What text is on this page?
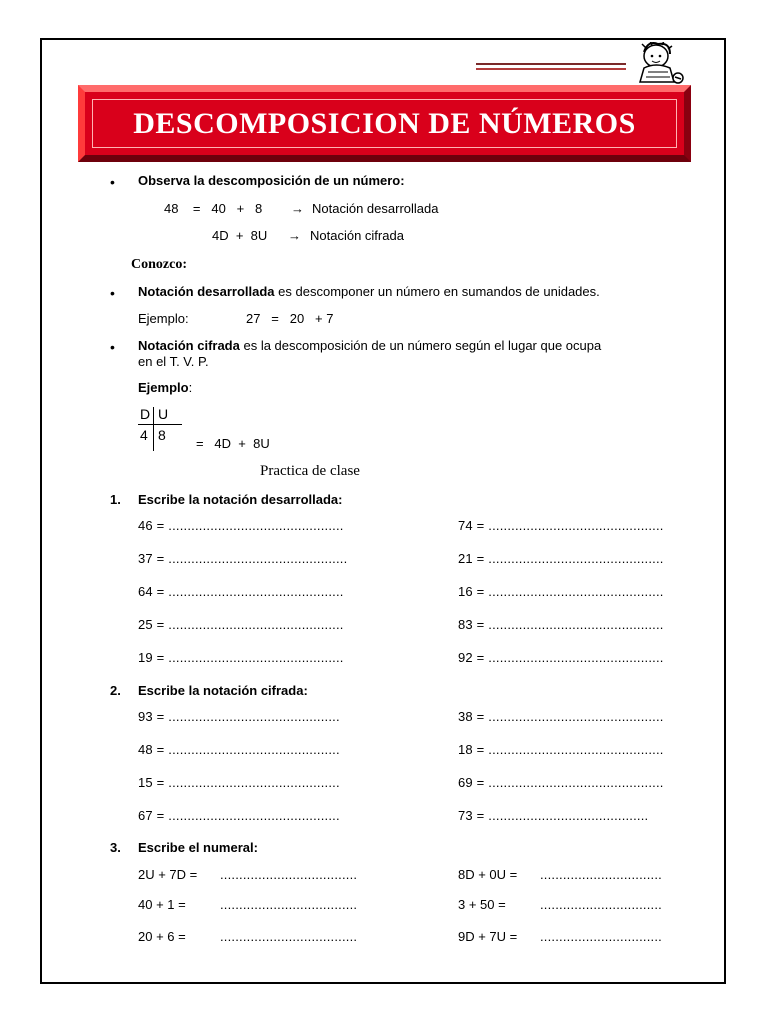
DESCOMPOSICION DE NÚMEROS
• Observa la descomposición de un número:
48    =   40   +   8 → Notación desarrollada
4D  +  8U → Notación cifrada
Conozco:
• Notación desarrollada es descomponer un número en sumandos de unidades.
Ejemplo:	27   =   20   + 7
• Notación cifrada es la descomposición de un número según el lugar que ocupa
en el T. V. P.
Ejemplo:
D U
4 8
=   4D  +  8U
Practica de clase
1. Escribe la notación desarrollada:
46 = ..............................................
37 = ...............................................
64 = ..............................................
25 = ..............................................
19 = ..............................................
74 = ..............................................
21 = ..............................................
16 = ..............................................
83 = ..............................................
92 = ..............................................
2. Escribe la notación cifrada:
93 = .............................................
48 = .............................................
15 = .............................................
67 = .............................................
38 = ..............................................
18 = ..............................................
69 = ..............................................
73 = ..........................................
3. Escribe el numeral:
2U + 7D = ....................................
40 + 1 =	....................................
20 + 6 =	....................................
8D + 0U = ................................
3 + 50 =	................................
9D + 7U = ................................
